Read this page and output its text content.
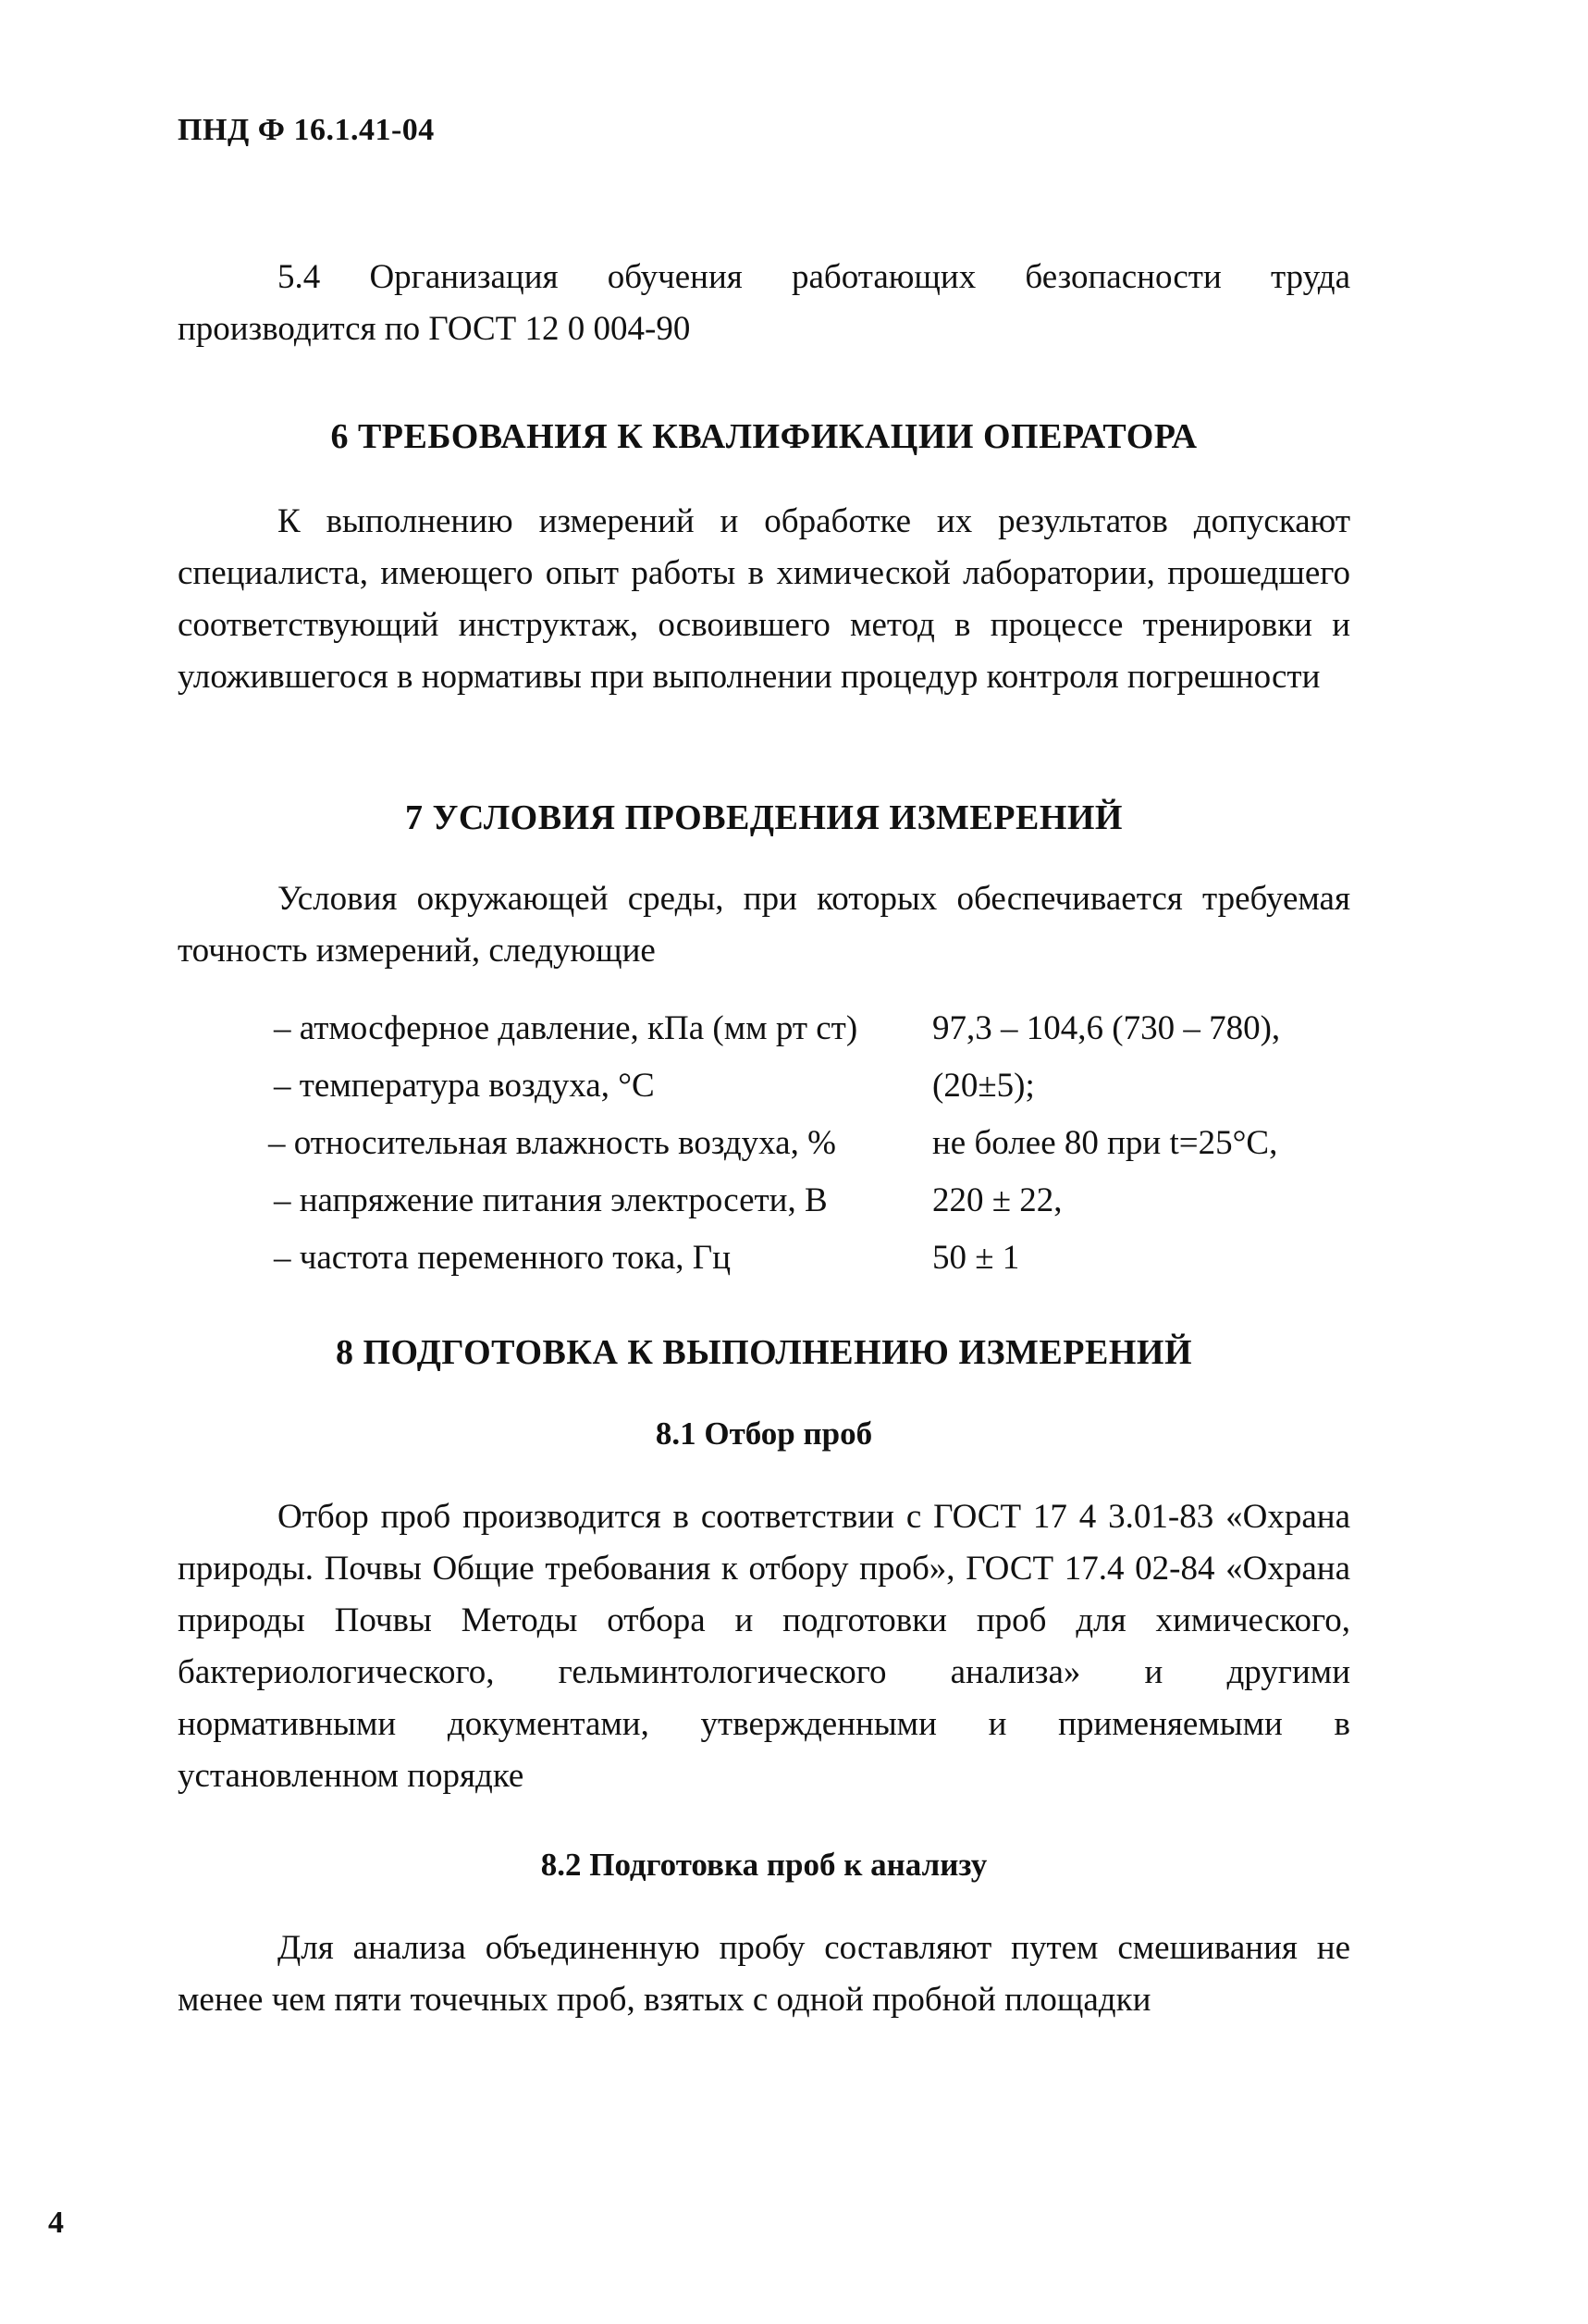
ПНД Ф 16.1.41-04

5.4 Организация обучения работающих безопасности труда производится по ГОСТ 12 0 004-90

6 ТРЕБОВАНИЯ К КВАЛИФИКАЦИИ ОПЕРАТОРА

К выполнению измерений и обработке их результатов допускают специалиста, имеющего опыт работы в химической лаборатории, прошедшего соответствующий инструктаж, освоившего метод в процессе тренировки и уложившегося в нормативы при выполнении процедур контроля погрешности

7 УСЛОВИЯ ПРОВЕДЕНИЯ ИЗМЕРЕНИЙ

Условия окружающей среды, при которых обеспечивается требуемая точность измерений, следующие

– атмосферное давление, кПа (мм рт ст) 97,3 – 104,6 (730 – 780),
– температура воздуха, °С	(20±5);
– относительная влажность воздуха, %	не более 80 при t=25°С,
– напряжение питания электросети, В	220 ± 22,
– частота переменного тока, Гц	50 ± 1
8 ПОДГОТОВКА К ВЫПОЛНЕНИЮ ИЗМЕРЕНИЙ
8.1 Отбор проб

Отбор проб производится в соответствии с ГОСТ 17 4 3.01-83 «Охрана природы. Почвы Общие требования к отбору проб», ГОСТ 17.4 02-84 «Охрана природы Почвы Методы отбора и подготовки проб для химического, бактериологического, гельминтологического анализа» и другими нормативными документами, утвержденными и применяемыми в установленном порядке

8.2 Подготовка проб к анализу

Для анализа объединенную пробу составляют путем смешивания не менее чем пяти точечных проб, взятых с одной пробной площадки

4
